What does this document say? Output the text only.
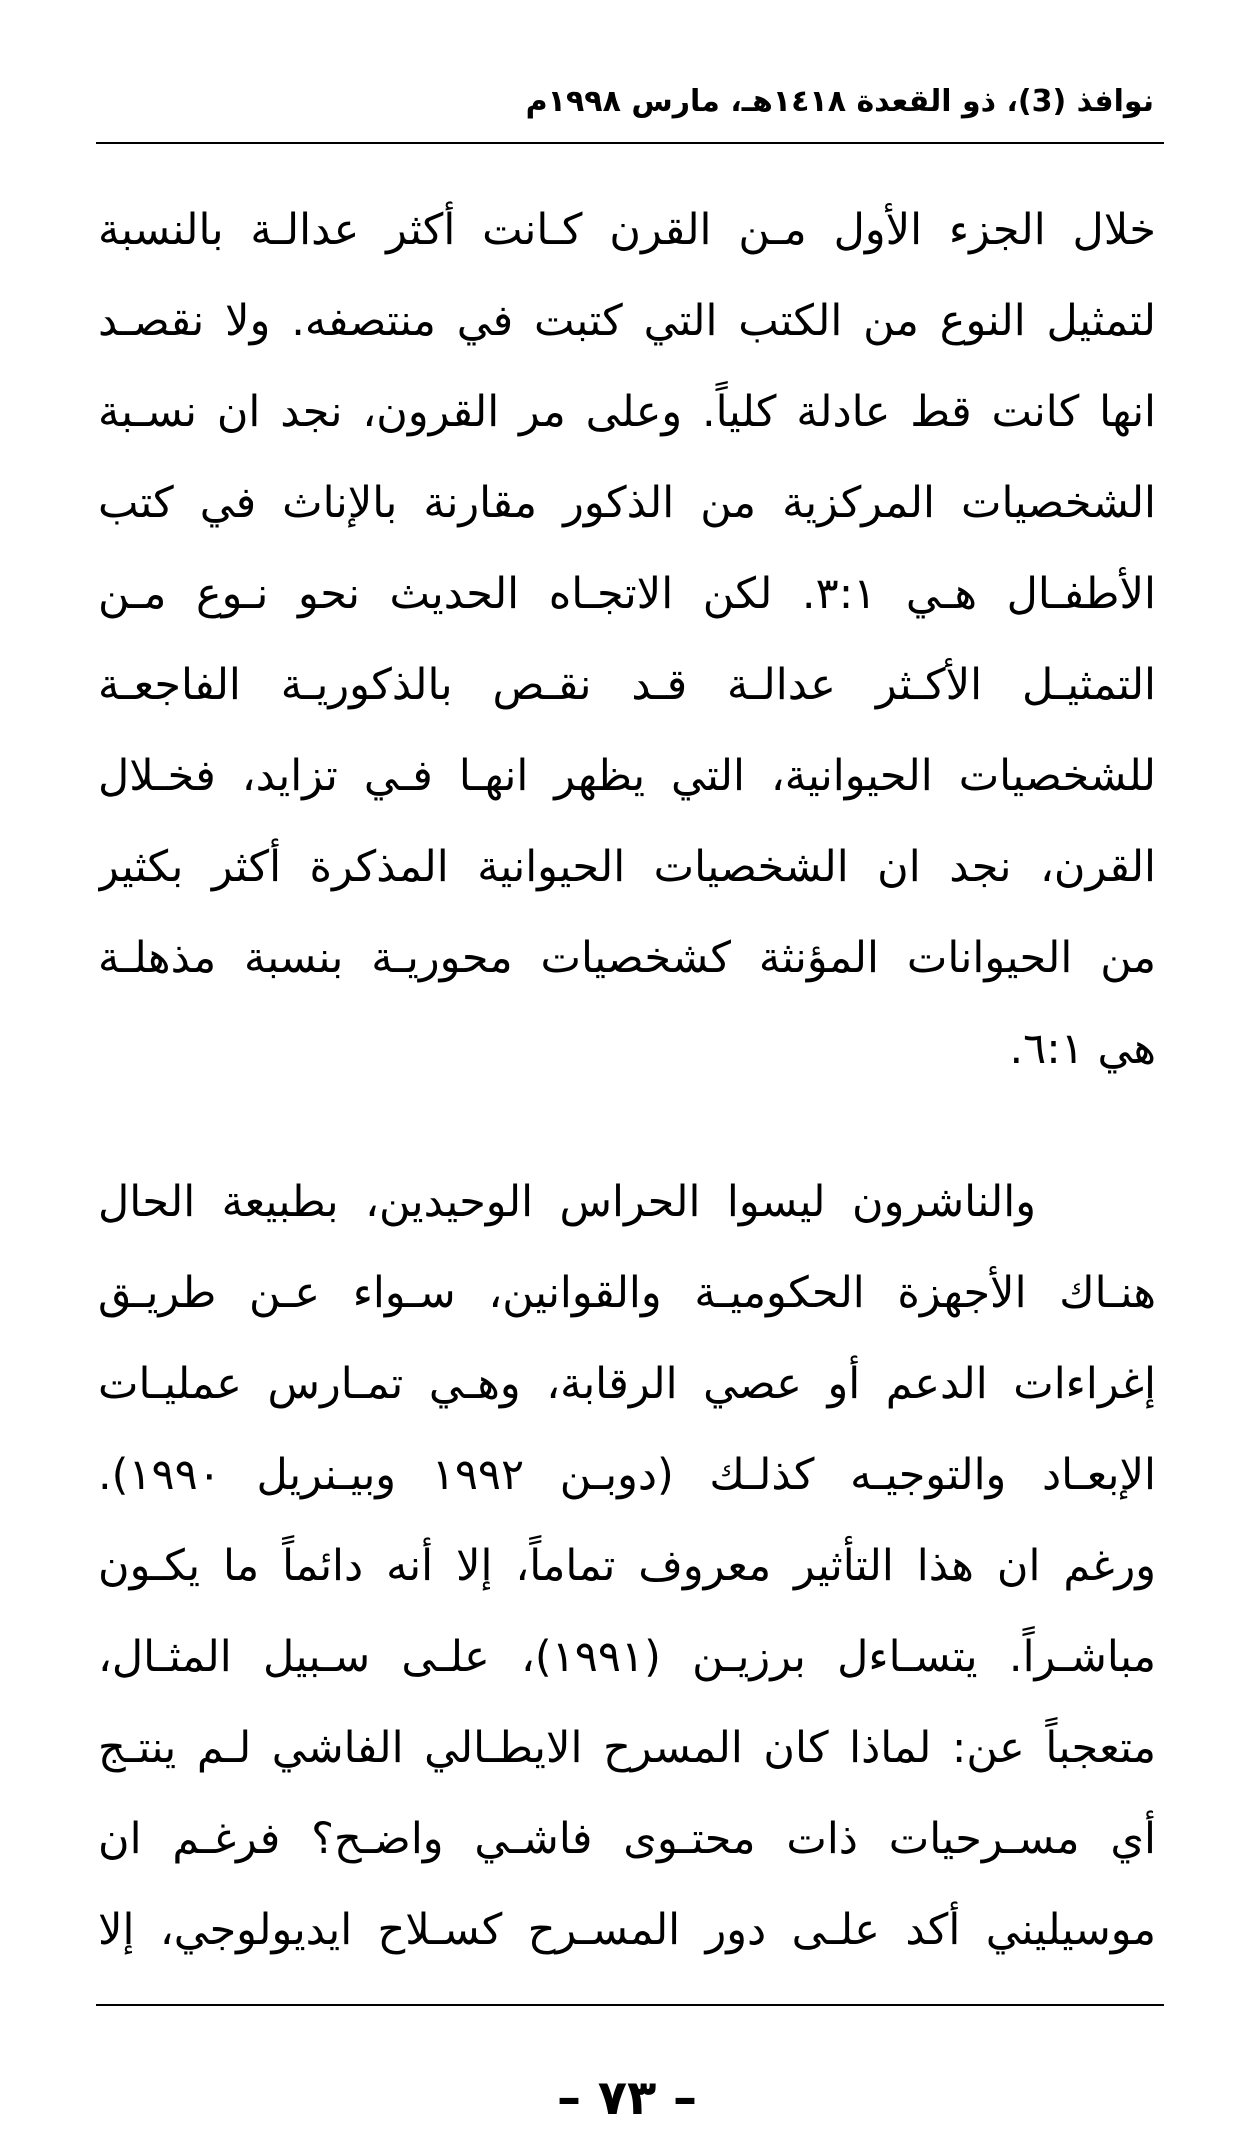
نوافذ (3)، ذو القعدة ١٤١٨هـ، مارس ١٩٩٨م
خلال الجزء الأول مـن القرن كـانت أكثر عدالـة بالنسبة
لتمثيل النوع من الكتب التي كتبت في منتصفه. ولا نقصـد
انها كانت قط عادلة كلياً. وعلى مر القرون، نجد ان نسـبة
الشخصيات المركزية من الذكور مقارنة بالإناث في كتب
الأطفـال هـي ٣:١. لكن الاتجـاه الحديث نحو نـوع مـن
التمثيـل الأكـثر عدالـة قـد نقـص بالذكوريـة الفاجعـة
للشخصيات الحيوانية، التي يظهر انهـا فـي تزايد، فخـلال
القرن، نجد ان الشخصيات الحيوانية المذكرة أكثر بكثير
من الحيوانات المؤنثة كشخصيات محوريـة بنسبة مذهلـة
هي ٦:١.
والناشرون ليسوا الحراس الوحيدين، بطبيعة الحال
هنـاك الأجهزة الحكوميـة والقوانين، سـواء عـن طريـق
إغراءات الدعم أو عصي الرقابة، وهـي تمـارس عمليـات
الإبعـاد والتوجيـه كذلـك (دوبـن ١٩٩٢ وبيـنريل ١٩٩٠).
ورغم ان هذا التأثير معروف تماماً، إلا أنه دائماً ما يكـون
مباشـراً. يتسـاءل برزيـن (١٩٩١)، علـى سـبيل المثـال،
متعجباً عن: لماذا كان المسرح الايطـالي الفاشي لـم ينتـج
أي مسـرحيات ذات محتـوى فاشـي واضـح؟ فرغـم ان
موسيليني أكد علـى دور المسـرح كسـلاح ايديولوجي، إلا
– ٧٣ –
